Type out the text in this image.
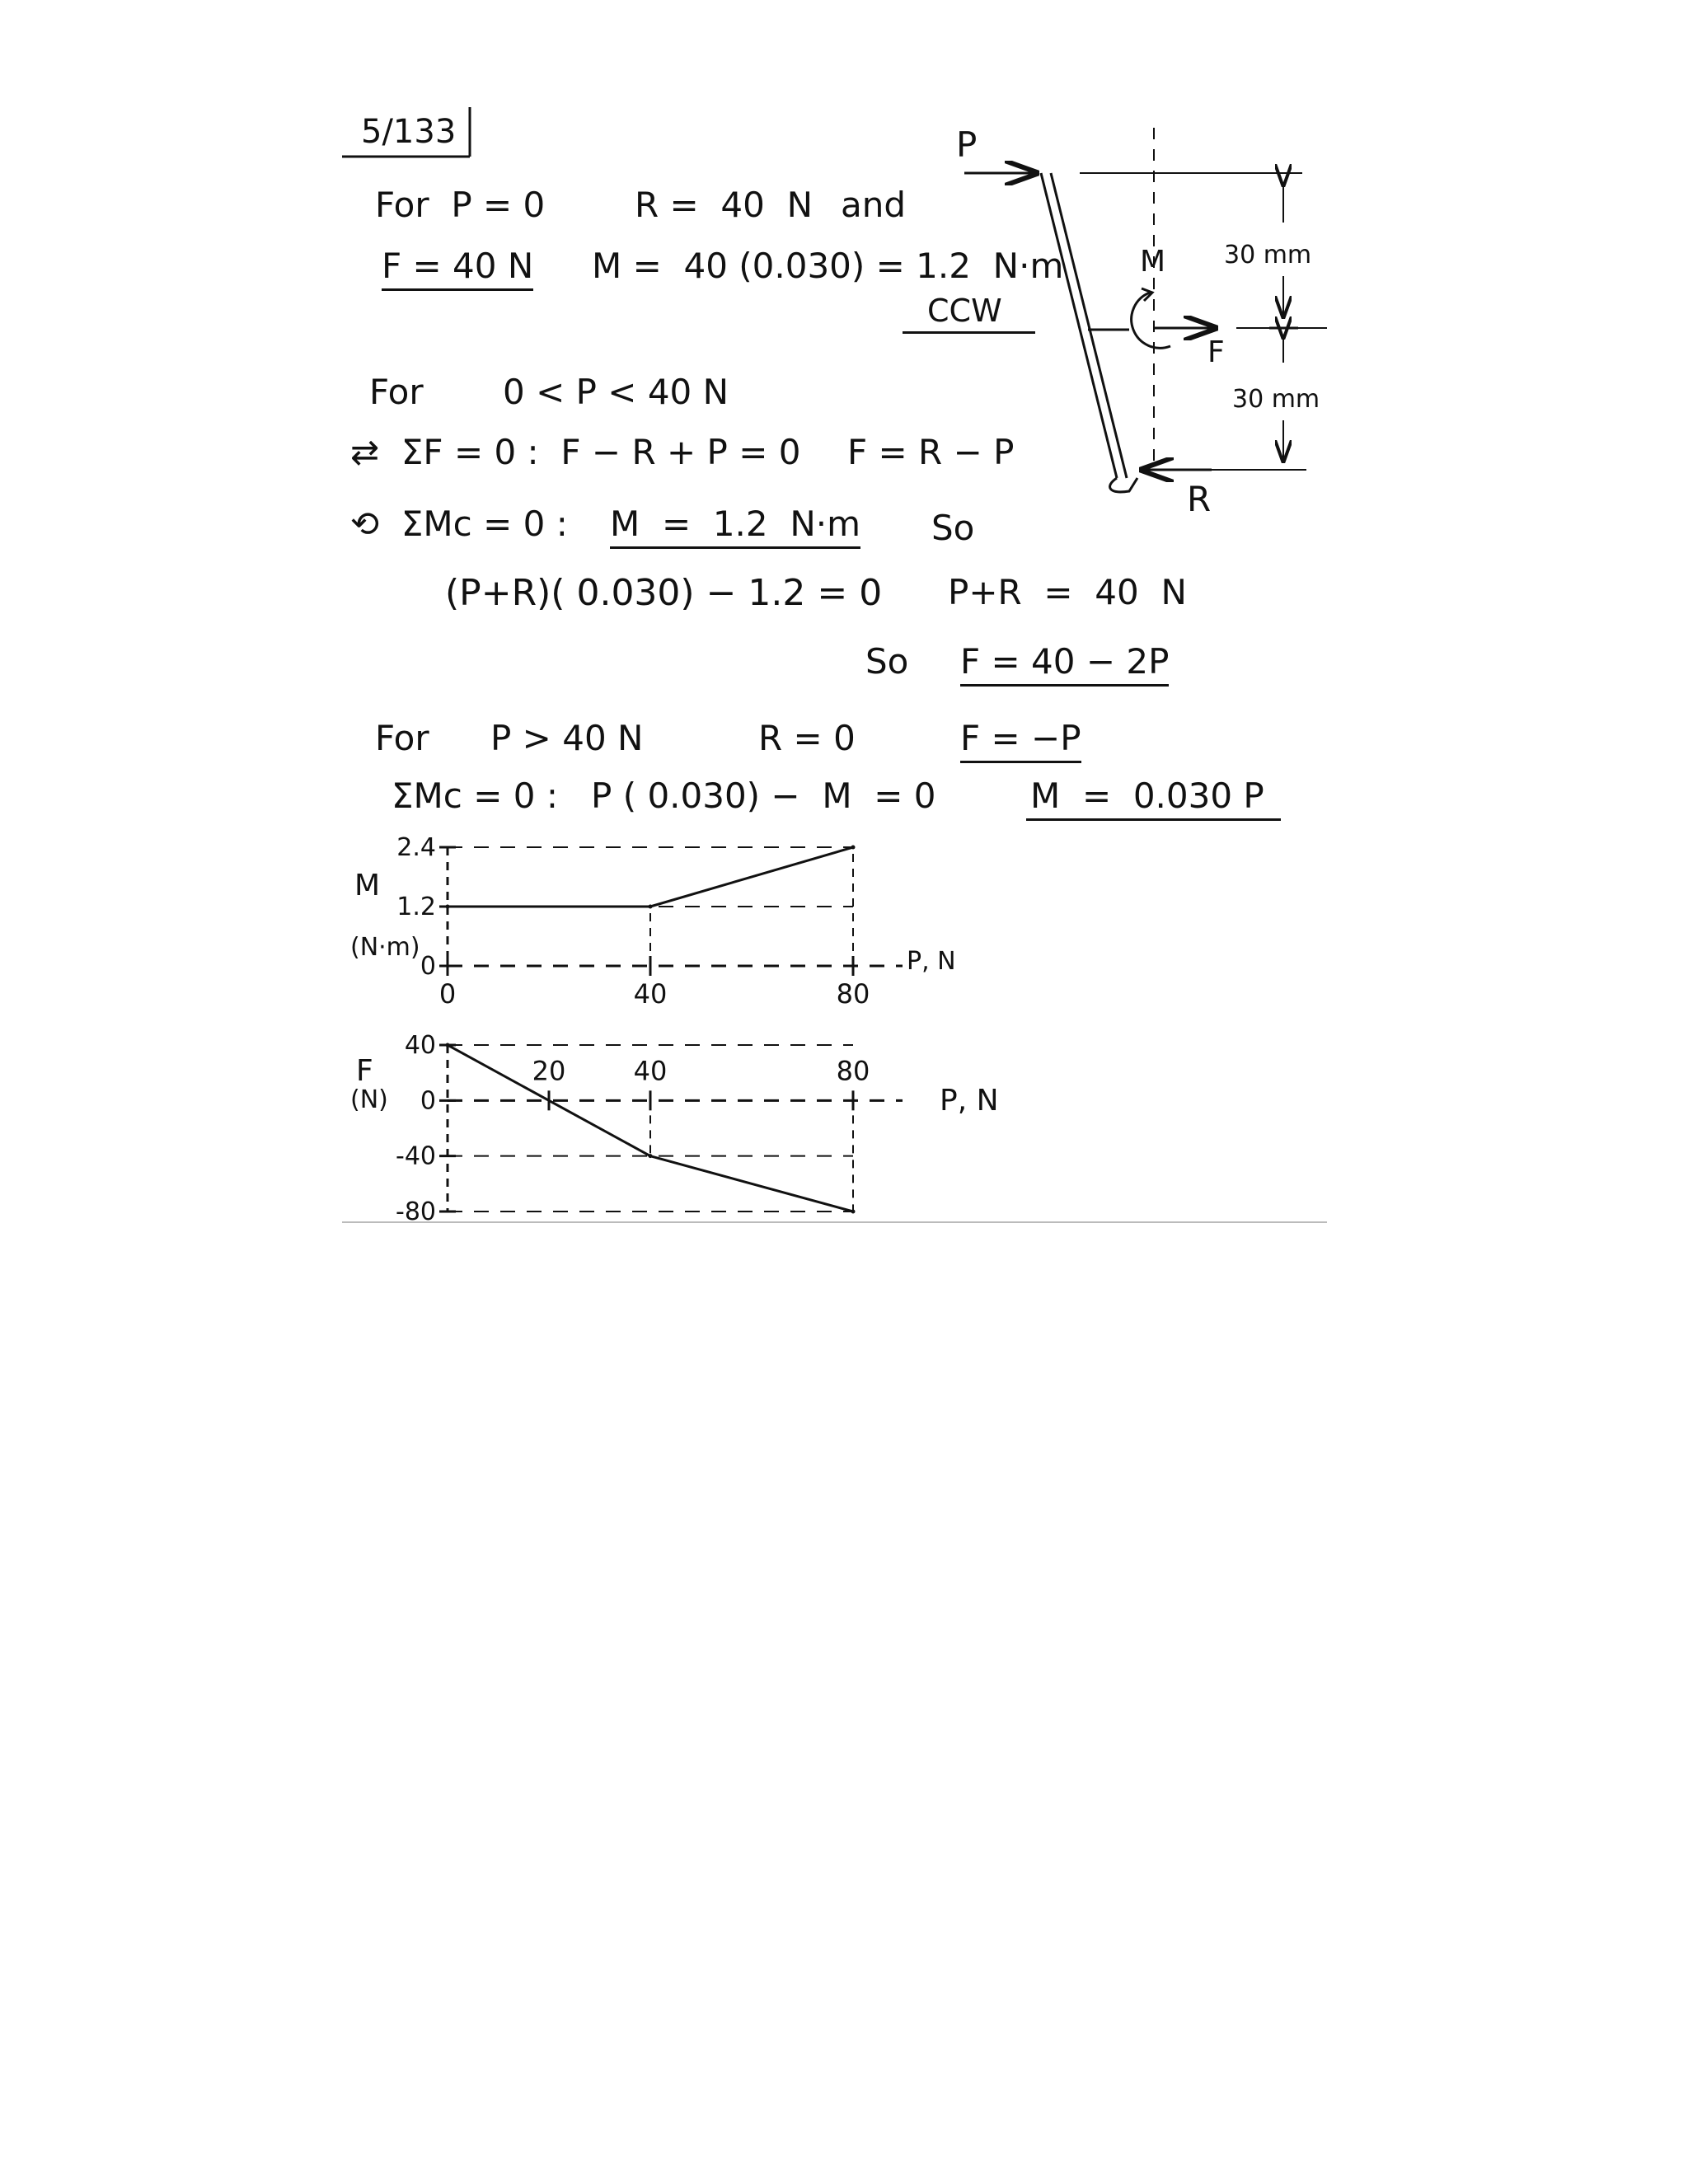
5/133
For  P = 0	R =  40  N and
F = 40 N M =  40 (0.030) = 1.2  N·m
CCW
For 0 < P < 40 N
⇄  ΣF = 0 :  F − R + P = 0 F = R − P
⟲  ΣMc = 0 : M  =  1.2  N·m So
(P+R)( 0.030) − 1.2 = 0 P+R  =  40  N
So F = 40 − 2P
For P > 40 N	R = 0	F = −P
ΣMc = 0 :   P ( 0.030) −  M  = 0	M  =  0.030 P
P
M
F
R
30 mm
30 mm
M
(N·m)	P, N
2.4
1.2
0
0	40	80
F
(N)	P, N
40
0
-40
-80
20	40	80
